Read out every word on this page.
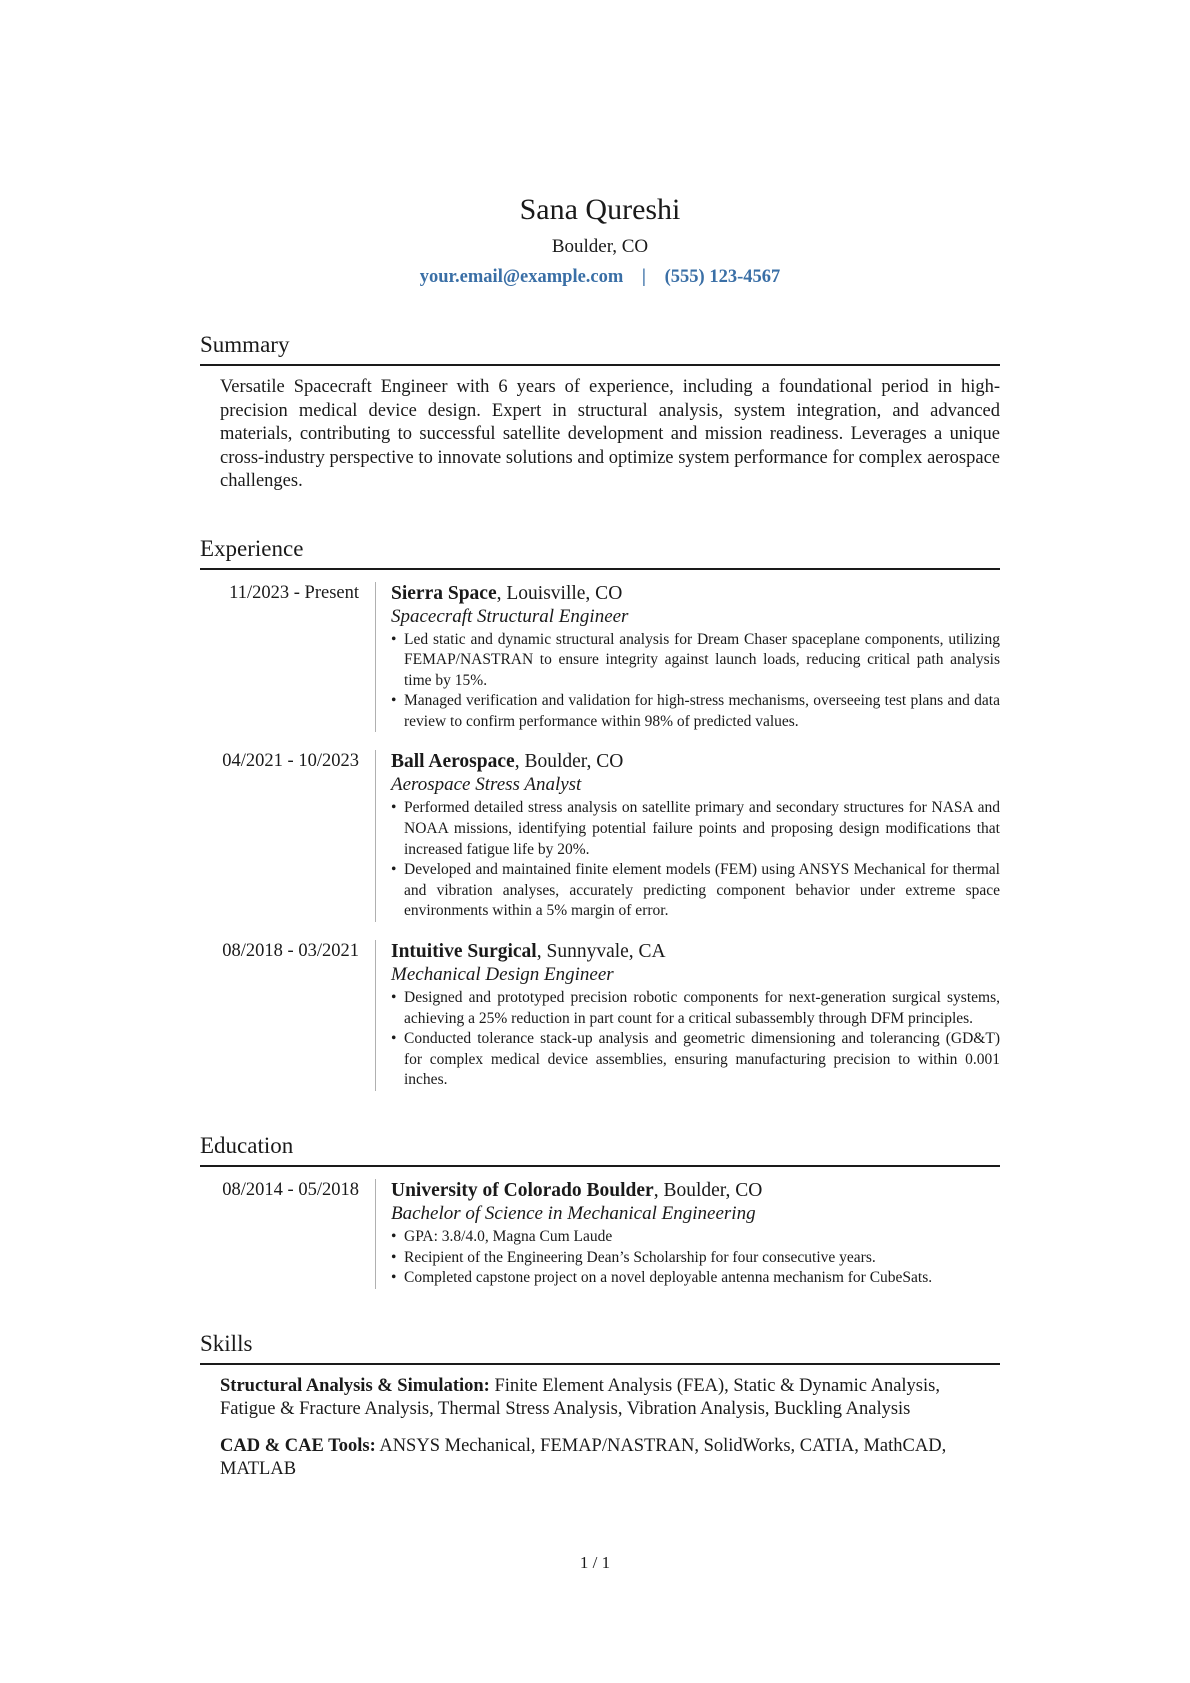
Sana Qureshi
Boulder, CO
your.email@example.com | (555) 123-4567
Summary

Versatile Spacecraft Engineer with 6 years of experience, including a foundational period in high-precision medical device design. Expert in structural analysis, system integration, and advanced materials, contributing to successful satellite development and mission readiness. Leverages a unique cross-industry perspective to innovate solutions and optimize system performance for complex aerospace challenges.

Experience
11/2023 - Present	Sierra Space, Louisville, CO
Spacecraft Structural Engineer
• Led static and dynamic structural analysis for Dream Chaser spaceplane components, utilizing FEMAP/NASTRAN to ensure integrity against launch loads, reducing critical path analysis time by 15%.
• Managed verification and validation for high-stress mechanisms, overseeing test plans and data review to confirm performance within 98% of predicted values.
04/2021 - 10/2023	Ball Aerospace, Boulder, CO
Aerospace Stress Analyst
• Performed detailed stress analysis on satellite primary and secondary structures for NASA and NOAA missions, identifying potential failure points and proposing design modifications that increased fatigue life by 20%.
• Developed and maintained finite element models (FEM) using ANSYS Mechanical for thermal and vibration analyses, accurately predicting component behavior under extreme space environments within a 5% margin of error.
08/2018 - 03/2021	Intuitive Surgical, Sunnyvale, CA
Mechanical Design Engineer
• Designed and prototyped precision robotic components for next-generation surgical systems, achieving a 25% reduction in part count for a critical subassembly through DFM principles.
• Conducted tolerance stack-up analysis and geometric dimensioning and tolerancing (GD&T) for complex medical device assemblies, ensuring manufacturing precision to within 0.001 inches.
Education
08/2014 - 05/2018	University of Colorado Boulder, Boulder, CO
Bachelor of Science in Mechanical Engineering
• GPA: 3.8/4.0, Magna Cum Laude
• Recipient of the Engineering Dean’s Scholarship for four consecutive years.
• Completed capstone project on a novel deployable antenna mechanism for CubeSats.
Skills
Structural Analysis & Simulation: Finite Element Analysis (FEA), Static & Dynamic Analysis, Fatigue & Fracture Analysis, Thermal Stress Analysis, Vibration Analysis, Buckling Analysis
CAD & CAE Tools: ANSYS Mechanical, FEMAP/NASTRAN, SolidWorks, CATIA, MathCAD, MATLAB
1 / 1
